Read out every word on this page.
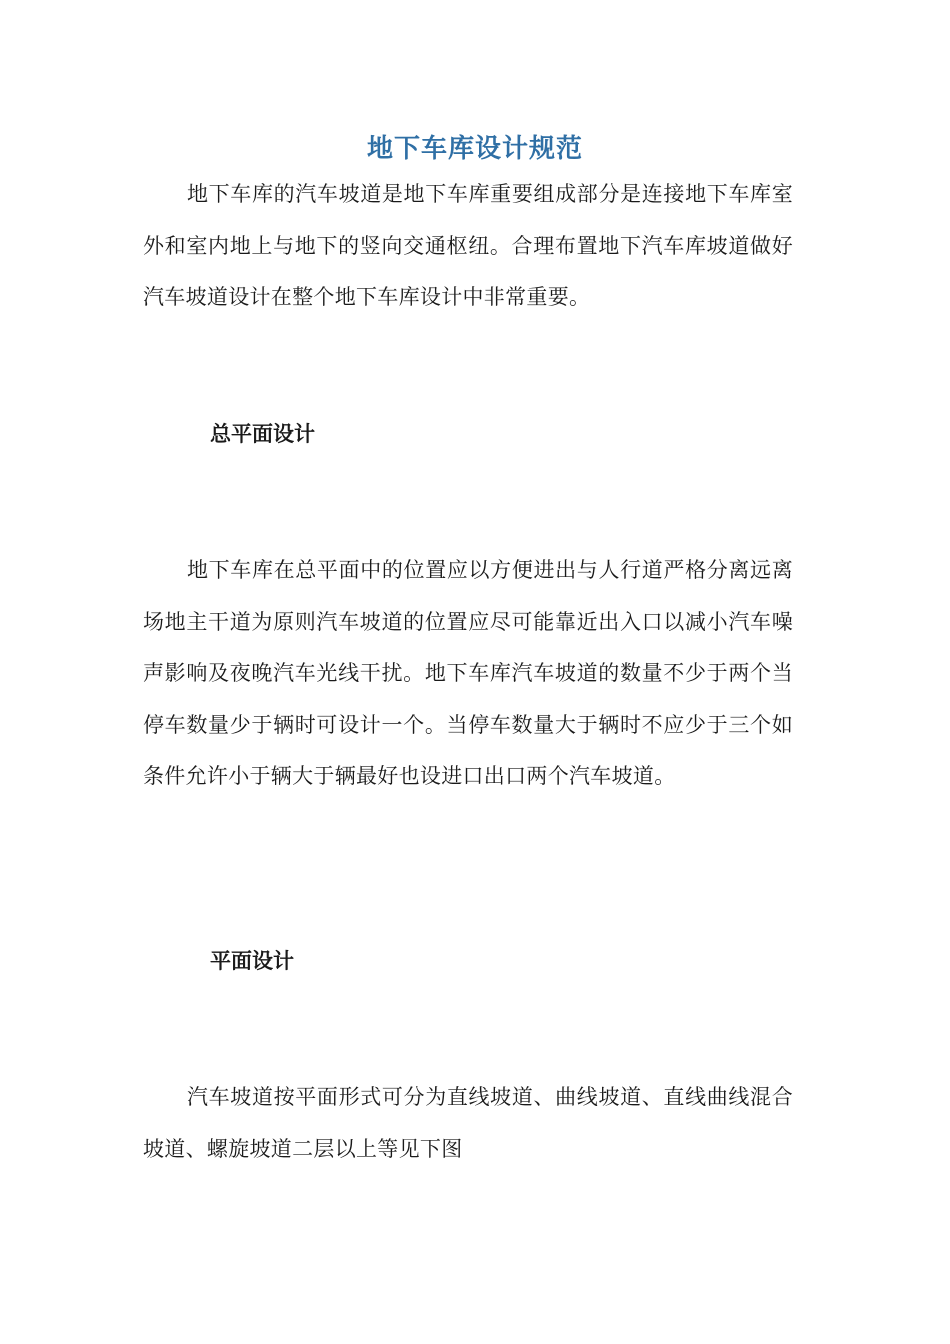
地下车库设计规范

地下车库的汽车坡道是地下车库重要组成部分是连接地下车库室外和室内地上与地下的竖向交通枢纽。合理布置地下汽车库坡道做好汽车坡道设计在整个地下车库设计中非常重要。

总平面设计

地下车库在总平面中的位置应以方便进出与人行道严格分离远离场地主干道为原则汽车坡道的位置应尽可能靠近出入口以减小汽车噪声影响及夜晚汽车光线干扰。地下车库汽车坡道的数量不少于两个当停车数量少于辆时可设计一个。当停车数量大于辆时不应少于三个如条件允许小于辆大于辆最好也设进口出口两个汽车坡道。

平面设计

汽车坡道按平面形式可分为直线坡道、曲线坡道、直线曲线混合坡道、螺旋坡道二层以上等见下图
